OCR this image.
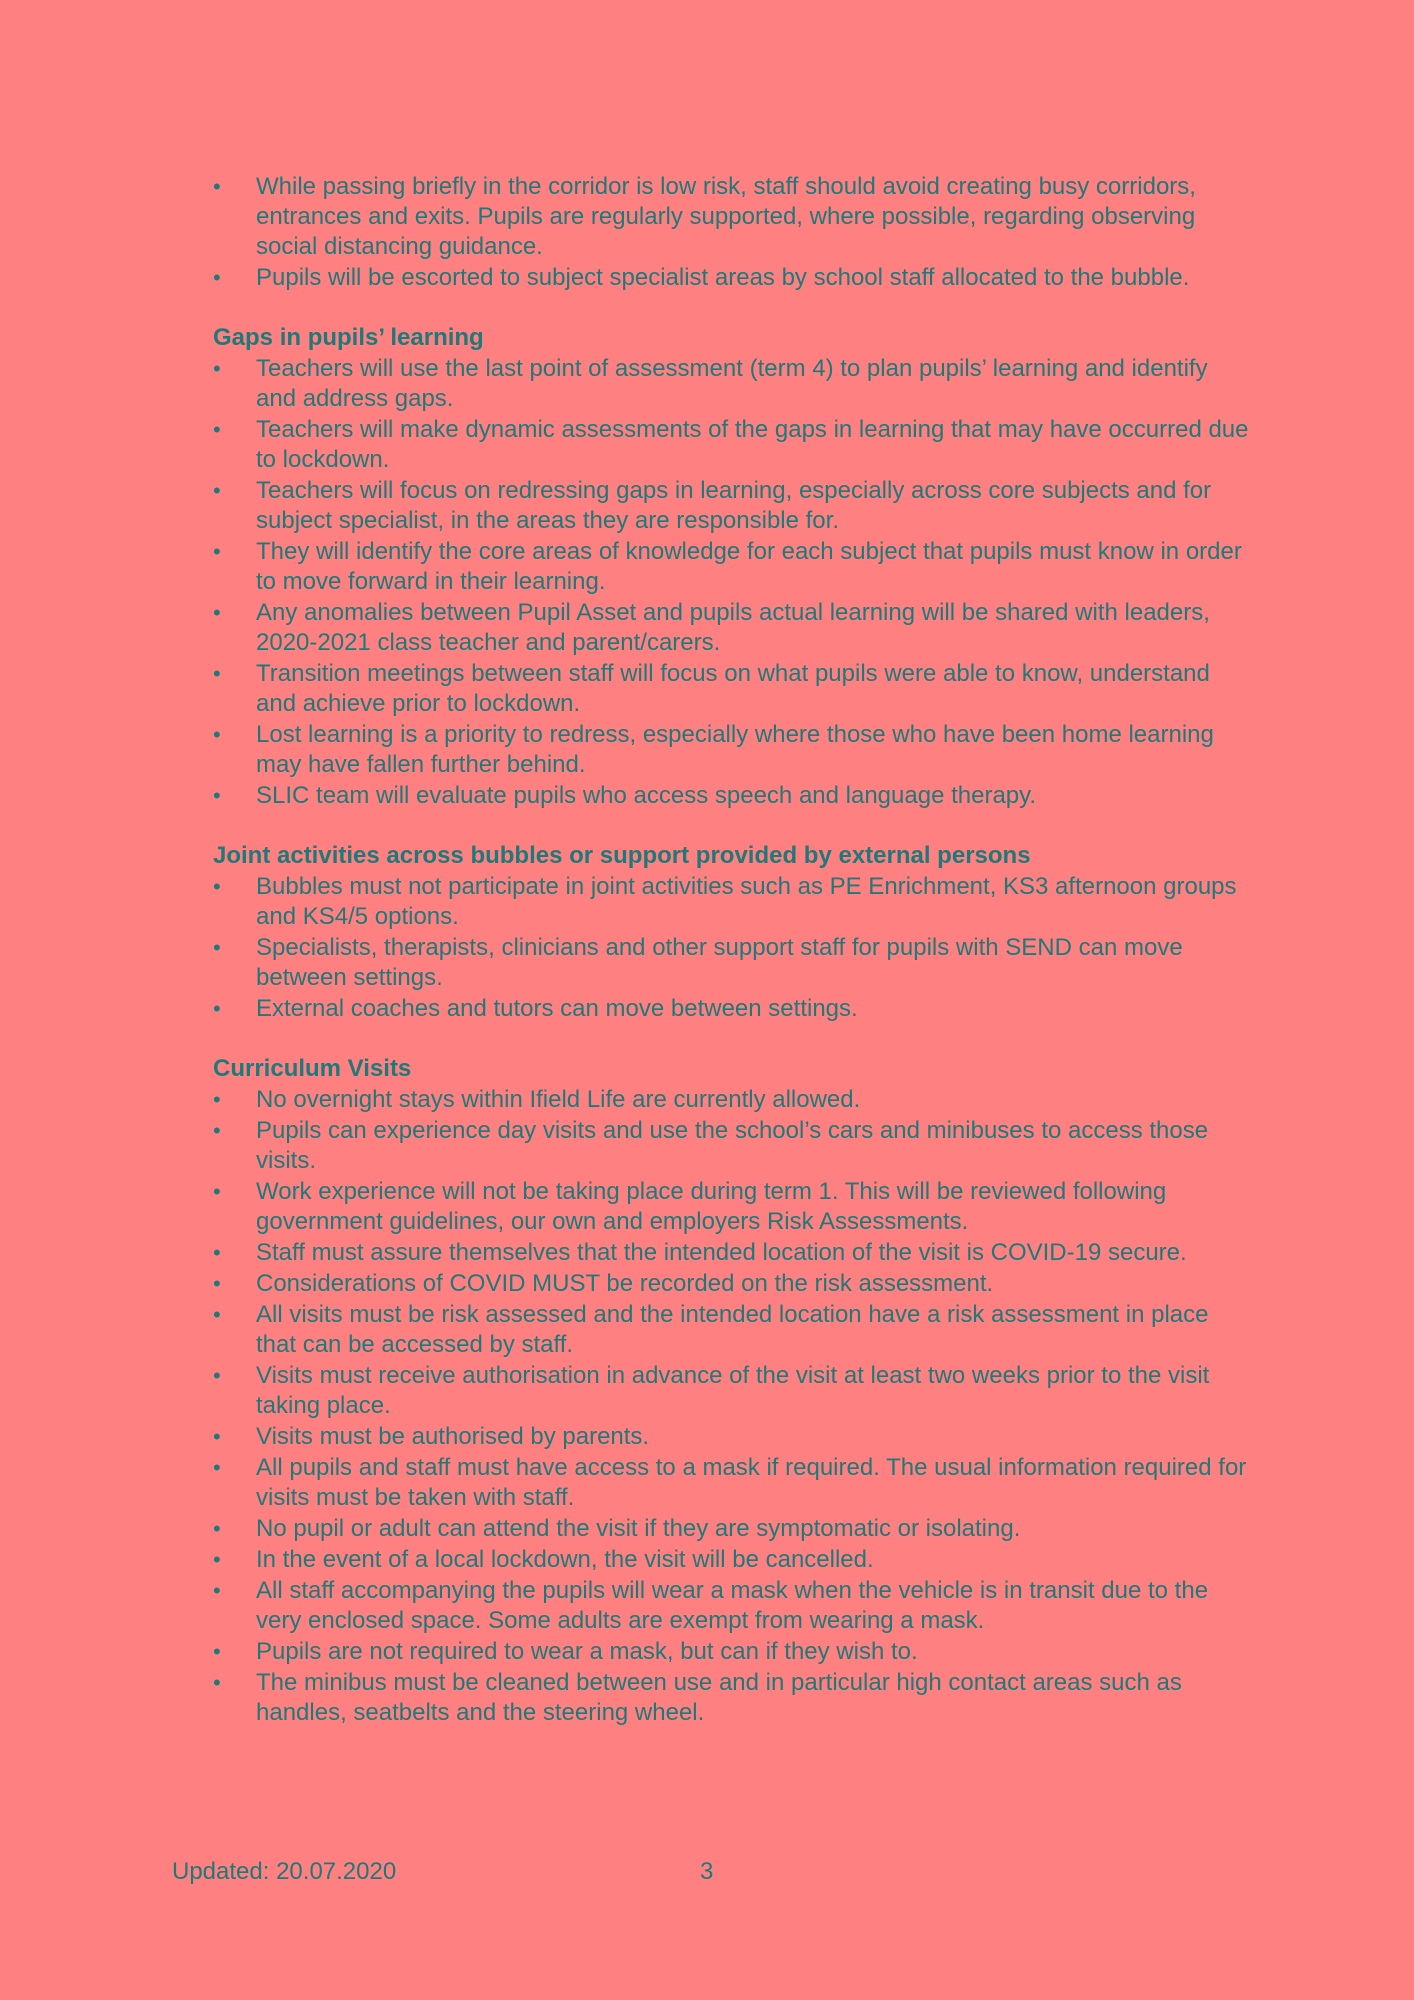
•	While passing briefly in the corridor is low risk, staff should avoid creating busy corridors, entrances and exits. Pupils are regularly supported, where possible, regarding observing social distancing guidance.
•	Pupils will be escorted to subject specialist areas by school staff allocated to the bubble.
Gaps in pupils’ learning
•	Teachers will use the last point of assessment (term 4) to plan pupils’ learning and identify and address gaps.
•	Teachers will make dynamic assessments of the gaps in learning that may have occurred due to lockdown.
•	Teachers will focus on redressing gaps in learning, especially across core subjects and for subject specialist, in the areas they are responsible for.
•	They will identify the core areas of knowledge for each subject that pupils must know in order to move forward in their learning.
•	Any anomalies between Pupil Asset and pupils actual learning will be shared with leaders, 2020-2021 class teacher and parent/carers.
•	Transition meetings between staff will focus on what pupils were able to know, understand and achieve prior to lockdown.
•	Lost learning is a priority to redress, especially where those who have been home learning may have fallen further behind.
•	SLIC team will evaluate pupils who access speech and language therapy.
Joint activities across bubbles or support provided by external persons
•	Bubbles must not participate in joint activities such as PE Enrichment, KS3 afternoon groups and KS4/5 options.
•	Specialists, therapists, clinicians and other support staff for pupils with SEND can move between settings.
•	External coaches and tutors can move between settings.
Curriculum Visits
•	No overnight stays within Ifield Life are currently allowed.
•	Pupils can experience day visits and use the school’s cars and minibuses to access those visits.
•	Work experience will not be taking place during term 1. This will be reviewed following government guidelines, our own and employers Risk Assessments.
•	Staff must assure themselves that the intended location of the visit is COVID-19 secure.
•	Considerations of COVID MUST be recorded on the risk assessment.
•	All visits must be risk assessed and the intended location have a risk assessment in place that can be accessed by staff.
•	Visits must receive authorisation in advance of the visit at least two weeks prior to the visit taking place.
•	Visits must be authorised by parents.
•	All pupils and staff must have access to a mask if required. The usual information required for visits must be taken with staff.
•	No pupil or adult can attend the visit if they are symptomatic or isolating.
•	In the event of a local lockdown, the visit will be cancelled.
•	All staff accompanying the pupils will wear a mask when the vehicle is in transit due to the very enclosed space. Some adults are exempt from wearing a mask.
•	Pupils are not required to wear a mask, but can if they wish to.
•	The minibus must be cleaned between use and in particular high contact areas such as handles, seatbelts and the steering wheel.
Updated: 20.07.2020	3
